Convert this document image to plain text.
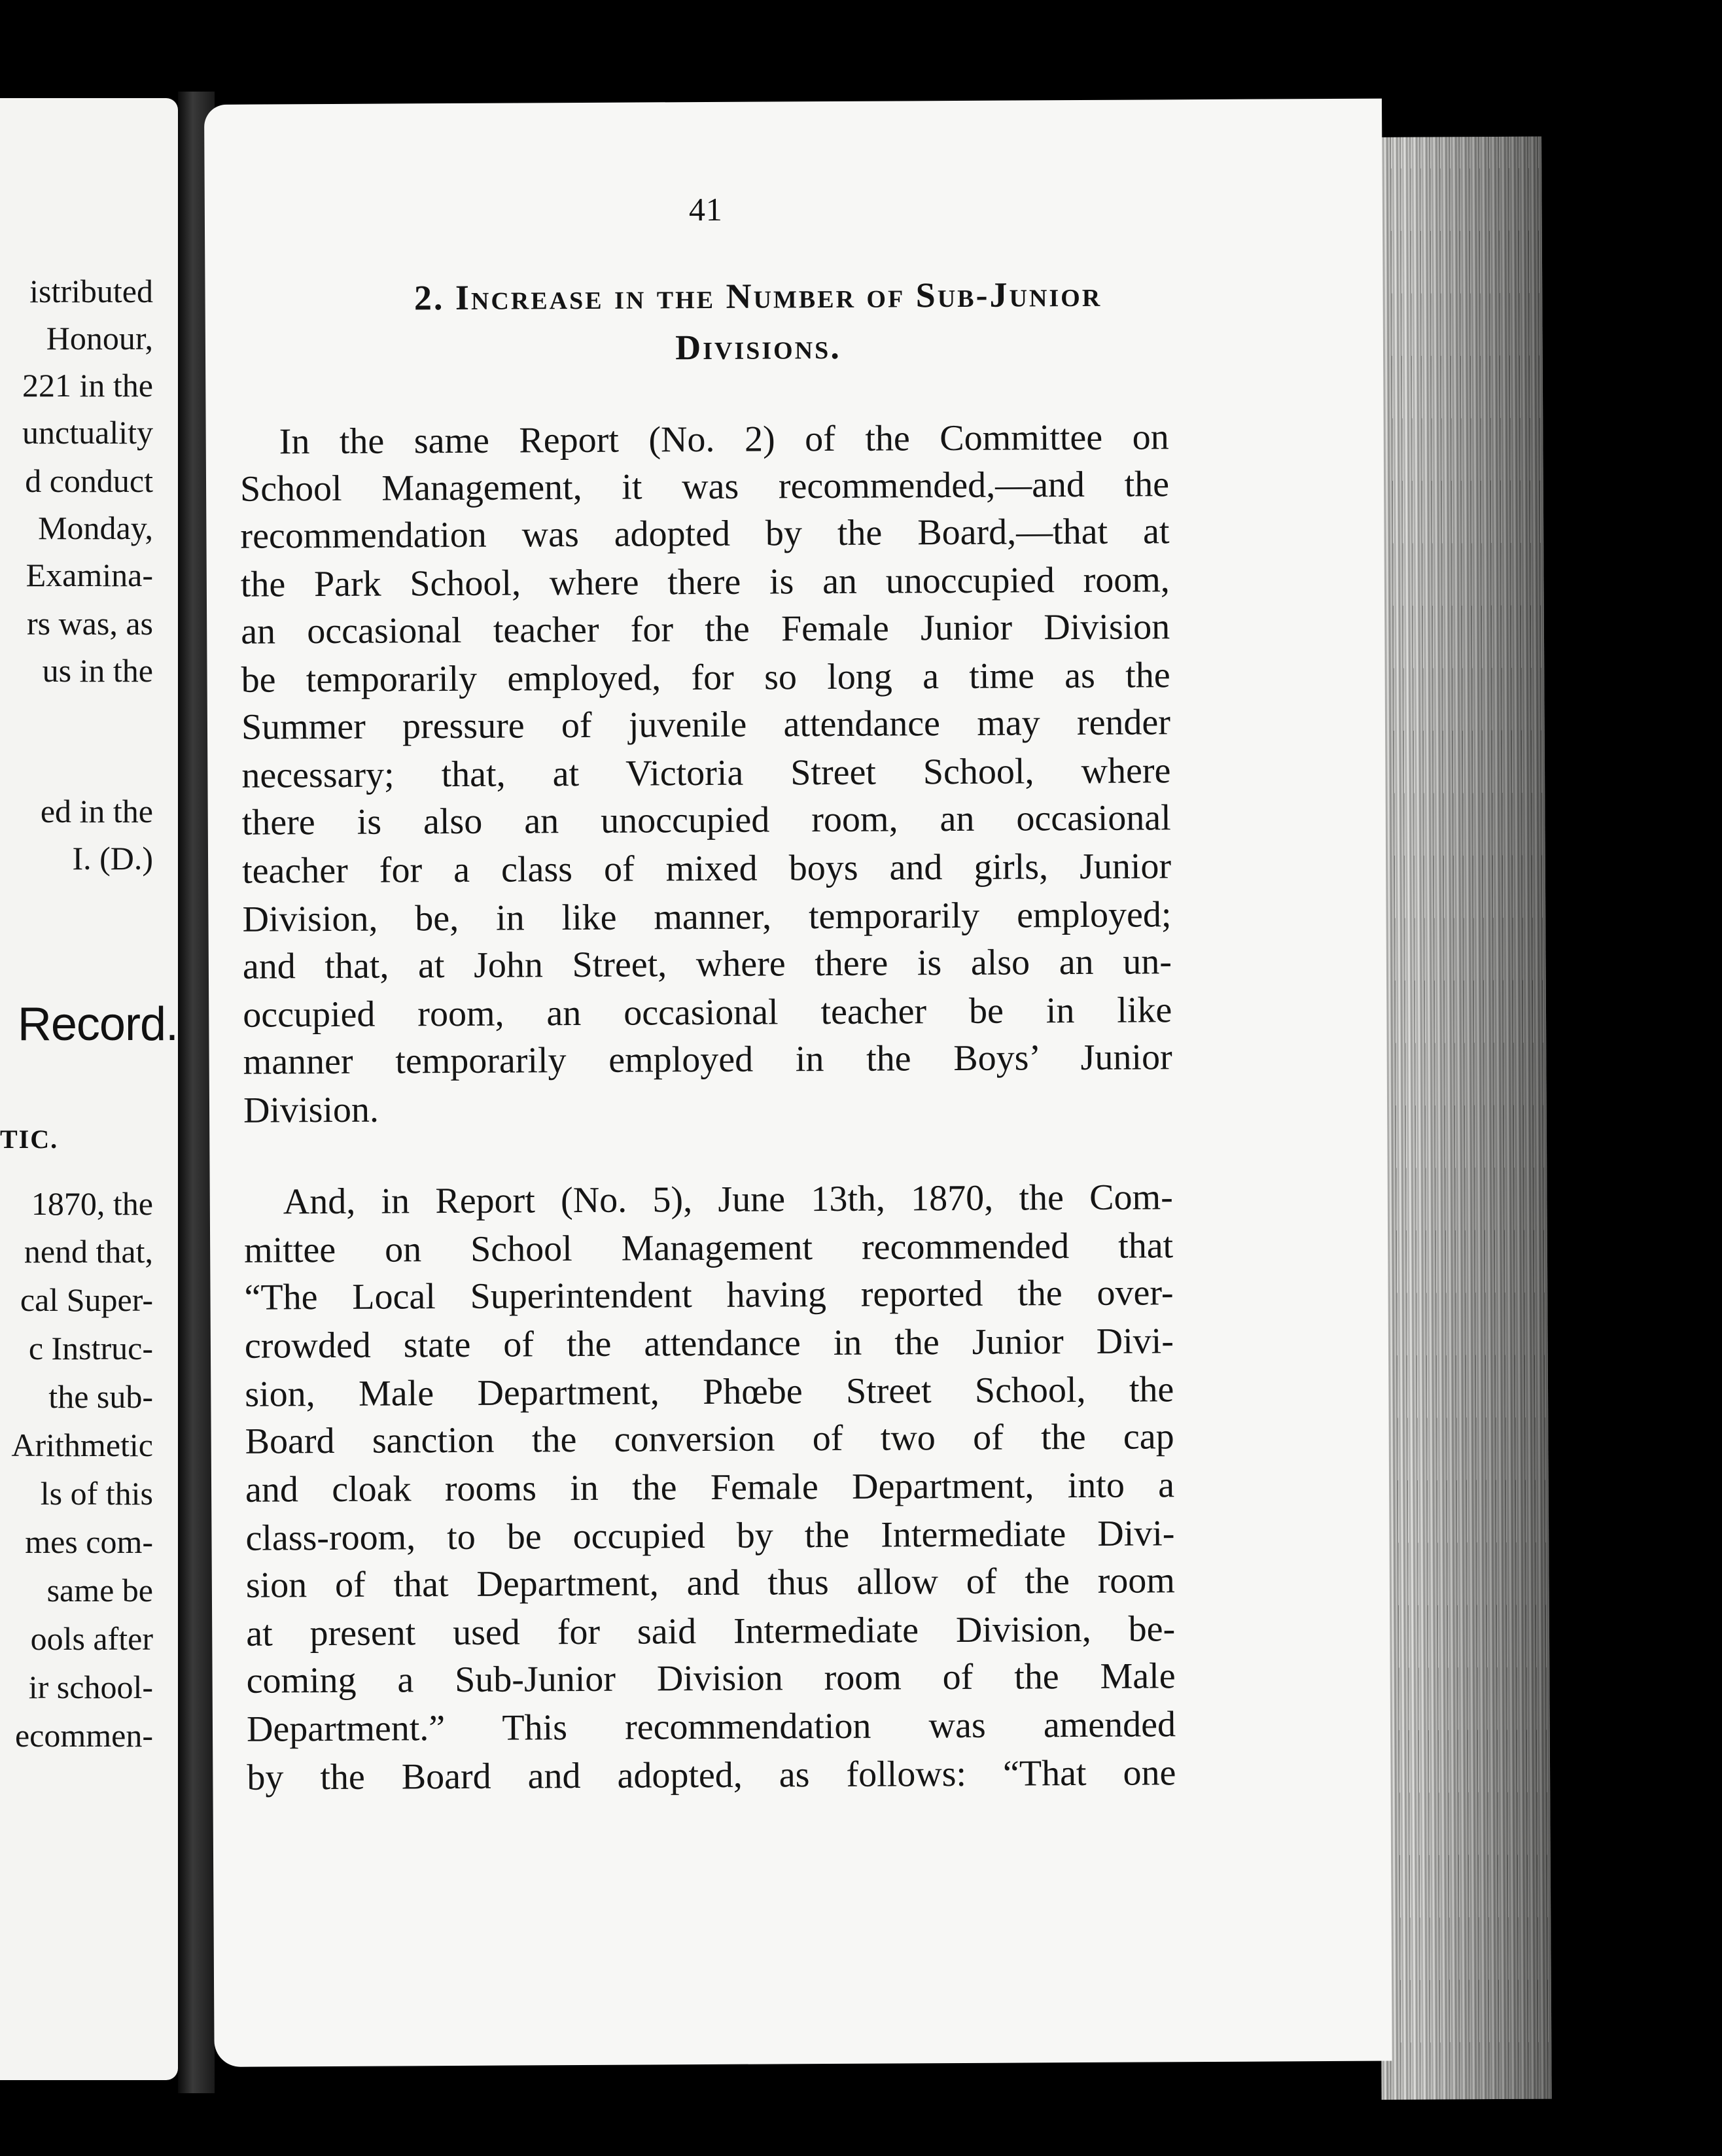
istributed
Honour,
221 in the
unctuality
d conduct
Monday,
Examina-
rs was, as
us in the
ed in the
I. (D.)
Record.
TIC.
1870, the
nend that,
cal Super-
c Instruc-
the sub-
Arithmetic
ls of this
mes com-
same be
ools after
ir school-
ecommen-
41
2. Increase in the Number of Sub-Junior
Divisions.
In the same Report (No. 2) of the Committee on
School Management, it was recommended,—and the
recommendation was adopted by the Board,—that at
the Park School, where there is an unoccupied room,
an occasional teacher for the Female Junior Division
be temporarily employed, for so long a time as the
Summer pressure of juvenile attendance may render
necessary; that, at Victoria Street School, where
there is also an unoccupied room, an occasional
teacher for a class of mixed boys and girls, Junior
Division, be, in like manner, temporarily employed;
and that, at John Street, where there is also an un-
occupied room, an occasional teacher be in like
manner temporarily employed in the Boys’ Junior
Division.
And, in Report (No. 5), June 13th, 1870, the Com-
mittee on School Management recommended that
“The Local Superintendent having reported the over-
crowded state of the attendance in the Junior Divi-
sion, Male Department, Phœbe Street School, the
Board sanction the conversion of two of the cap
and cloak rooms in the Female Department, into a
class-room, to be occupied by the Intermediate Divi-
sion of that Department, and thus allow of the room
at present used for said Intermediate Division, be-
coming a Sub-Junior Division room of the Male
Department.” This recommendation was amended
by the Board and adopted, as follows: “That one
